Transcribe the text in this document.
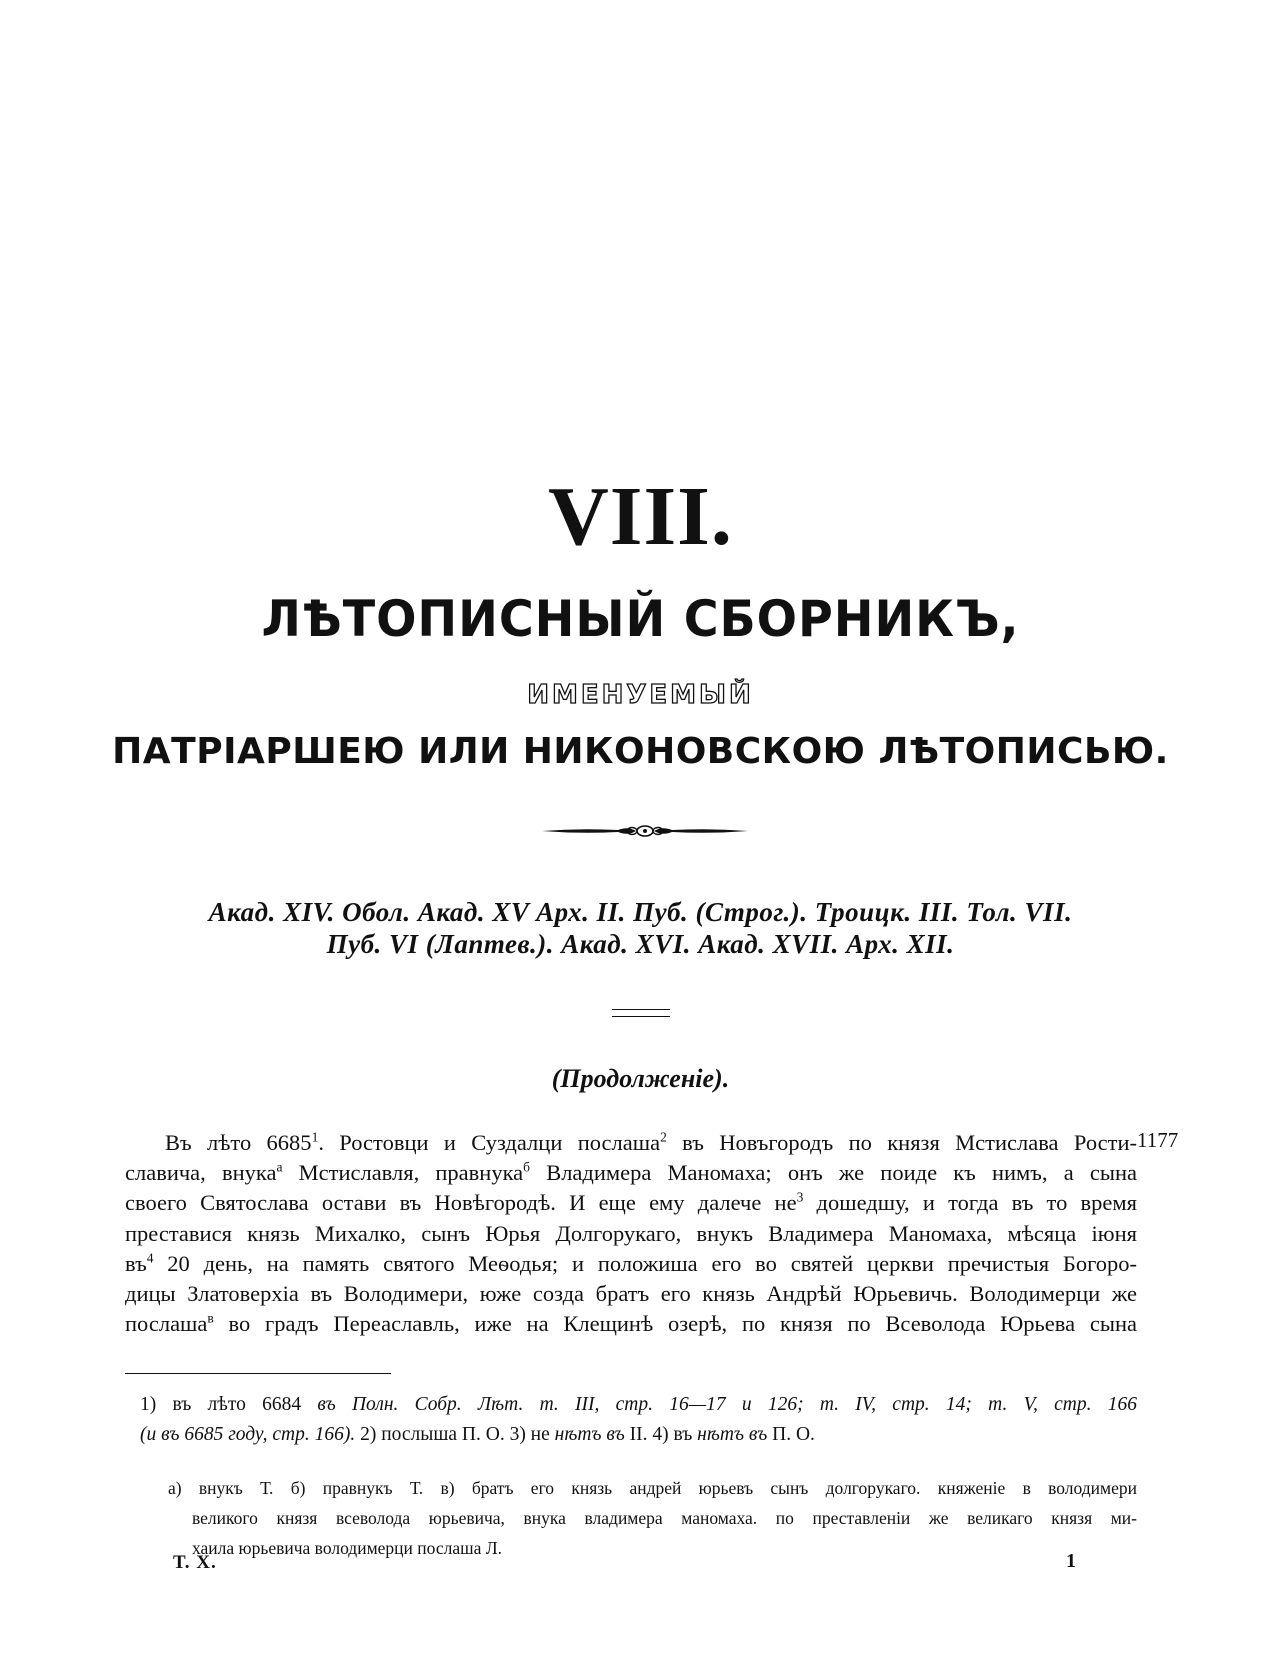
VIII.
ЛѢТОПИСНЫЙ СБОРНИКЪ,
ИМЕНУЕМЫЙ
ПАТРІАРШЕЮ ИЛИ НИКОНОВСКОЮ ЛѢТОПИСЬЮ.
Акад. XIV. Обол. Акад. XV Арх. II. Пуб. (Строг.). Троицк. III. Тол. VII.
Пуб. VI (Лаптев.). Акад. XVI. Акад. XVII. Арх. XII.
(Продолженіе).
1177
Въ лѣто 6685$^1$. Ростовци и Суздалци послаша$^2$ въ Новъгородъ по князя Мстислава Рости-
славича, внука$^а$ Мстиславля, правнука$^б$ Владимера Маномаха; онъ же поиде къ нимъ, а сына
своего Святослава остави въ Новѣгородѣ. И еще ему далече $не^3$ дошедшу, и тогда въ то время
преставися князь Михалко, сынъ Юрья Долгорукаго, внукъ Владимера Маномаха, мѣсяца іюня
$въ^4$ 20 день, на память святого Меѳодья; и положиша его во святей церкви пречистыя Богоро-
дицы Златоверхіа въ Володимери, юже созда братъ его князь Андрѣй Юрьевичь. Володимерци же
послаша$^в$ во градъ Переаславль, иже на Клещинѣ озерѣ, по князя по Всеволода Юрьева сына
1) въ лѣто 6684 въ Полн. Собр. Лѣт. т. III, стр. 16—17 и 126; т. IV, стр. 14; т. V, стр. 166
(и въ 6685 году, стр. 166). 2) послыша П. О. 3) не нѣтъ въ II. 4) въ нѣтъ въ П. О.
а) внукъ Т. б) правнукъ Т. в) братъ его князь андрей юрьевъ сынъ долгорукаго. княженіе в володимери
великого князя всеволода юрьевича, внука владимера маномаха. по преставленіи же великаго князя ми-
хаила юрьевича володимерци послаша Л.
Т. Х.	1
